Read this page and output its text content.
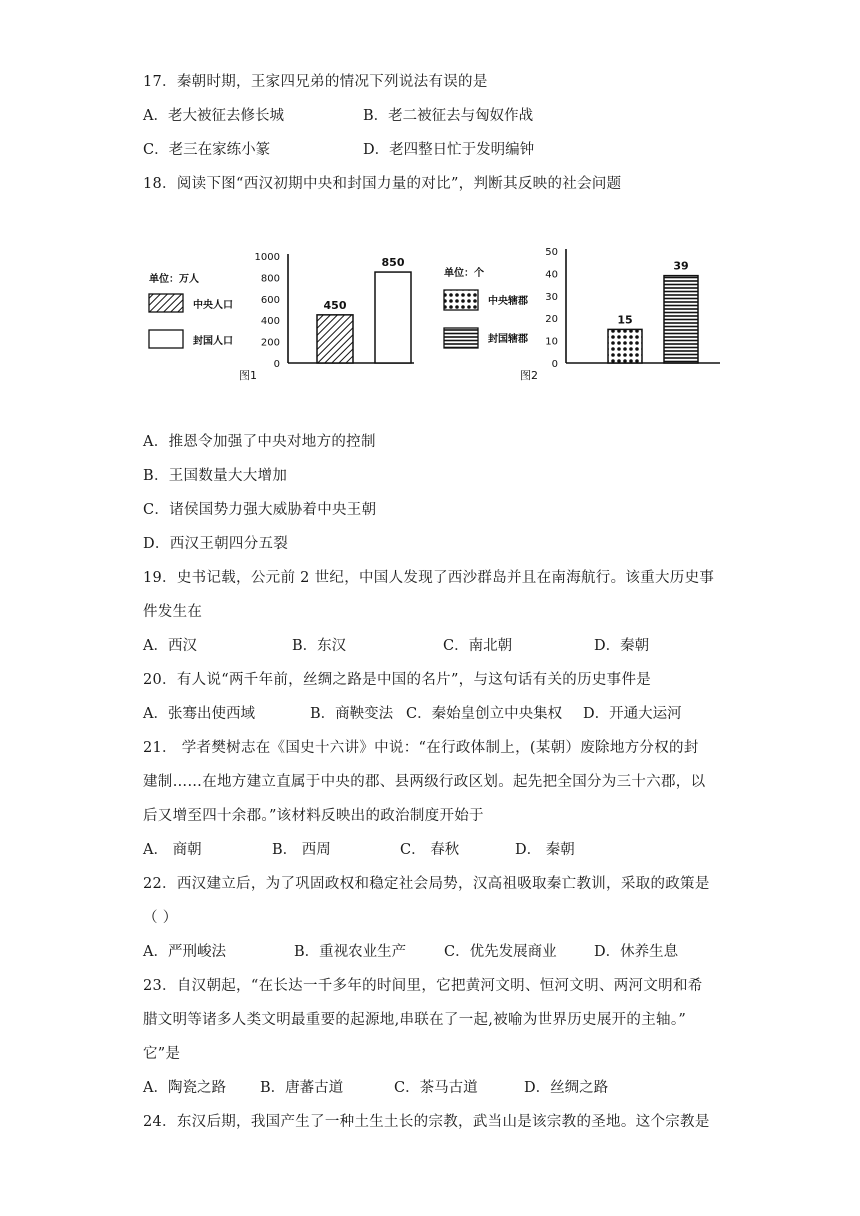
17．秦朝时期，王家四兄弟的情况下列说法有误的是
A．老大被征去修长城	B．老二被征去与匈奴作战
C．老三在家练小篆	D．老四整日忙于发明编钟
18．阅读下图“西汉初期中央和封国力量的对比”，判断其反映的社会问题
单位：万人
中央人口
封国人口
图1
0
200
400
600
800
1000
450
850
单位：个
中央辖郡
封国辖郡
图2
0
10
20
30
40
50
15
39
A．推恩令加强了中央对地方的控制
B．王国数量大大增加
C．诸侯国势力强大威胁着中央王朝
D．西汉王朝四分五裂
19．史书记载，公元前 2 世纪，中国人发现了西沙群岛并且在南海航行。该重大历史事
件发生在
A．西汉	B．东汉	C．南北朝	D．秦朝
20．有人说“两千年前，丝绸之路是中国的名片”，与这句话有关的历史事件是
A．张骞出使西域	B．商鞅变法 C．秦始皇创立中央集权 D．开通大运河
21． 学者樊树志在《国史十六讲》中说：“在行政体制上，(某朝）废除地方分权的封
建制……在地方建立直属于中央的郡、县两级行政区划。起先把全国分为三十六郡，以
后又增至四十余郡。”该材料反映出的政治制度开始于
A． 商朝	B． 西周	C． 春秋	D． 秦朝
22．西汉建立后，为了巩固政权和稳定社会局势，汉高祖吸取秦亡教训，采取的政策是
（ ）
A．严刑峻法	B．重视农业生产	C．优先发展商业	D．休养生息
23．自汉朝起，“在长达一千多年的时间里，它把黄河文明、恒河文明、两河文明和希
腊文明等诸多人类文明最重要的起源地,串联在了一起,被喻为世界历史展开的主轴。”
它”是
A．陶瓷之路 B．唐蕃古道	C．茶马古道	D．丝绸之路
24．东汉后期，我国产生了一种土生土长的宗教，武当山是该宗教的圣地。这个宗教是
